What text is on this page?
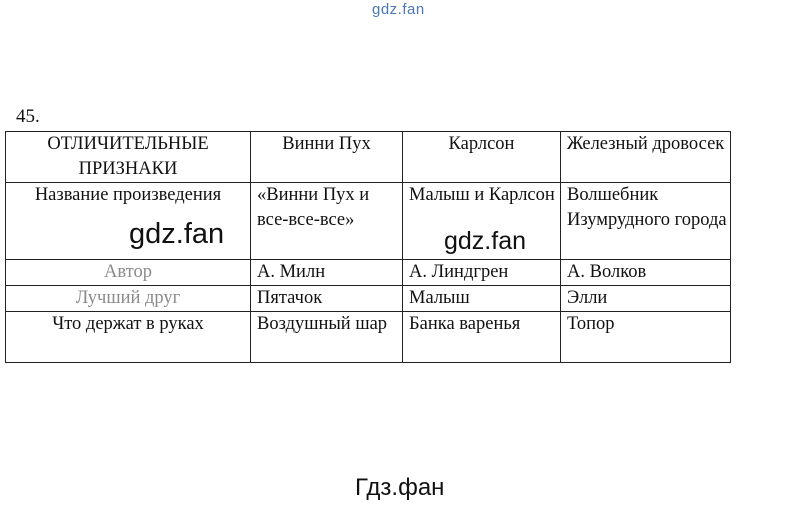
gdz.fan
45.
ОТЛИЧИТЕЛЬНЫЕ ПРИЗНАКИ	Винни Пух	Карлсон	Железный дровосек
Название произведения	«Винни Пух и все-все-все»	Малыш и Карлсон	Волшебник Изумрудного города
Автор	А. Милн	А. Линдгрен	А. Волков
Лучший друг	Пятачок	Малыш	Элли
Что держат в руках	Воздушный шар	Банка варенья	Топор
gdz.fan	gdz.fan
Гдз.фан
